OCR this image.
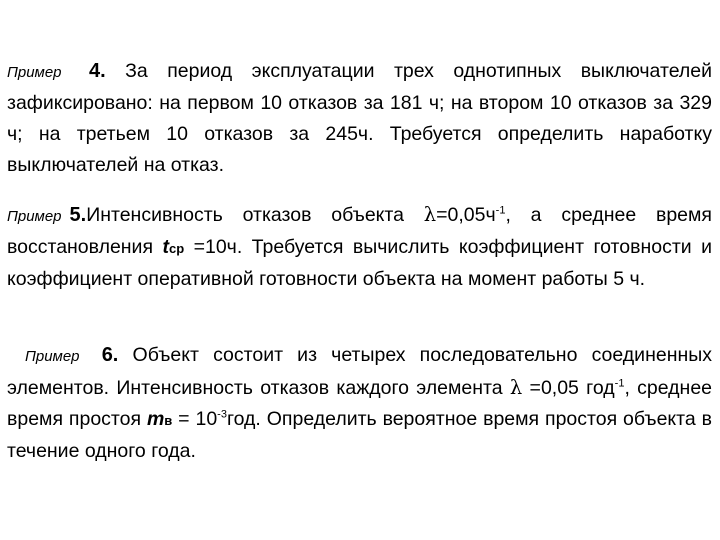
Пример 4. За период эксплуатации трех однотипных выключателей зафиксировано: на первом 10 отказов за 181 ч; на втором 10 отказов за 329 ч; на третьем 10 отказов за 245ч. Требуется определить наработку выключателей на отказ.

Пример 5.Интенсивность отказов объекта $\lambda=0,05ч^{-1}$, а среднее время восстановления tср =10ч. Требуется вычислить коэффициент готовности и коэффициент оперативной готовности объекта на момент работы 5 ч.

Пример 6. Объект состоит из четырех последовательно соединенных элементов. Интенсивность отказов каждого элемента λ =0,05 год$^{-1}$, среднее время простоя mв = $10^{-3}год$. Определить вероятное время простоя объекта в течение одного года.
